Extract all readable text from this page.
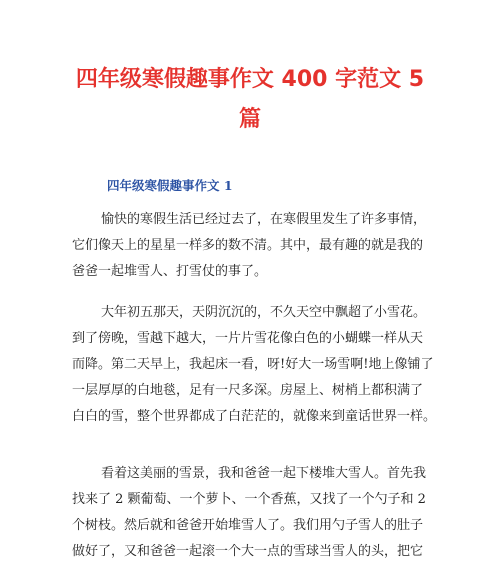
四年级寒假趣事作文 400 字范文 5
篇
四年级寒假趣事作文 1
愉快的寒假生活已经过去了，在寒假里发生了许多事情，
它们像天上的星星一样多的数不清。其中，最有趣的就是我的
爸爸一起堆雪人、打雪仗的事了。
大年初五那天，天阴沉沉的，不久天空中飘超了小雪花。
到了傍晚，雪越下越大，一片片雪花像白色的小蝴蝶一样从天
而降。第二天早上，我起床一看，呀!好大一场雪啊!地上像铺了
一层厚厚的白地毯，足有一尺多深。房屋上、树梢上都积满了
白白的雪，整个世界都成了白茫茫的，就像来到童话世界一样。
看着这美丽的雪景，我和爸爸一起下楼堆大雪人。首先我
找来了 2 颗葡萄、一个萝卜、一个香蕉，又找了一个勺子和 2
个树枝。然后就和爸爸开始堆雪人了。我们用勺子雪人的肚子
做好了，又和爸爸一起滚一个大一点的雪球当雪人的头，把它
